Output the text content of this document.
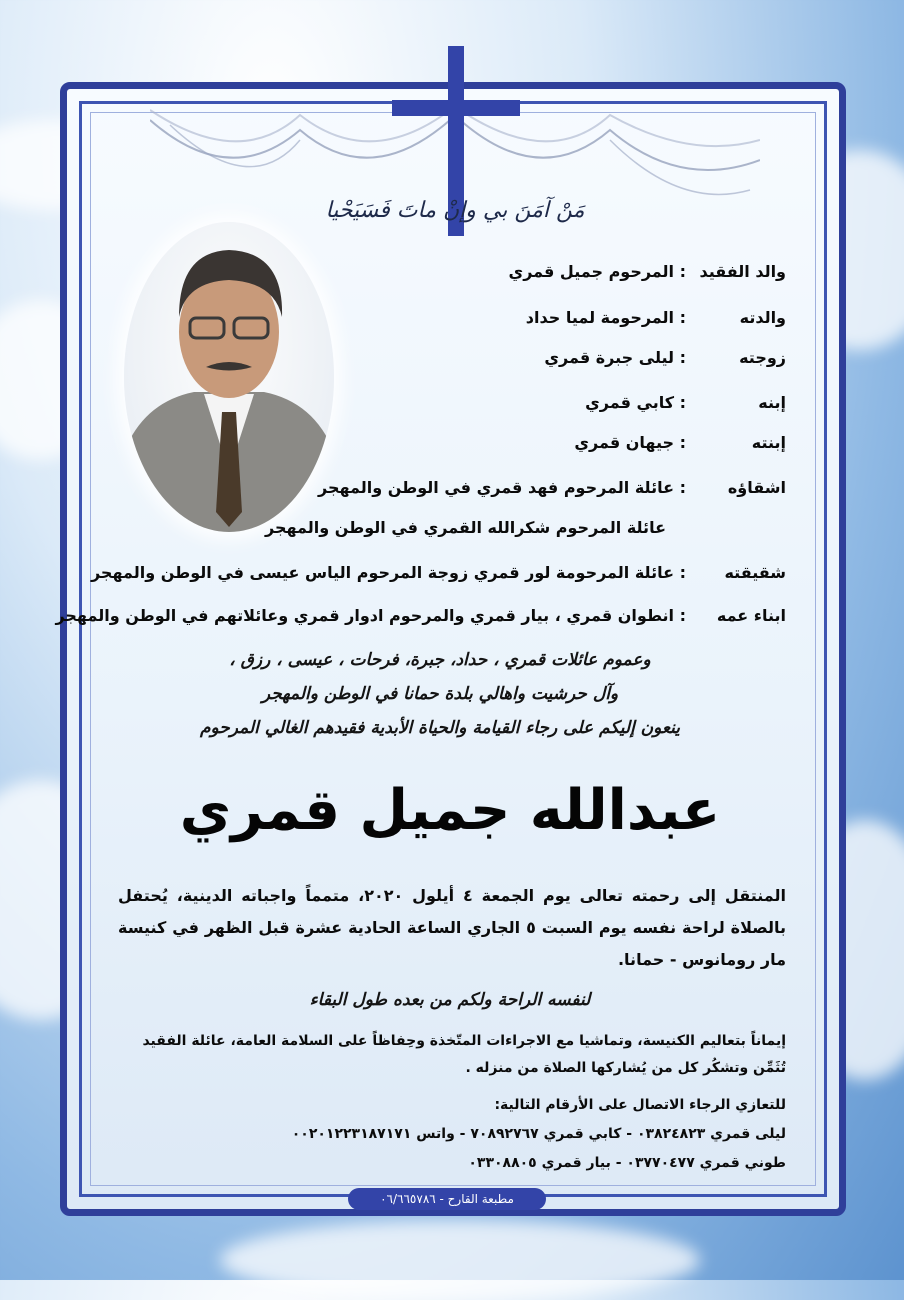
مَنْ آمَنَ بي وإنْ ماتَ فَسَيَحْيا
والد الفقيد
: المرحوم جميل قمري
والدته
: المرحومة لميا حداد
زوجته
: ليلى جبرة قمري
إبنه
: كابي قمري
إبنته
: جيهان قمري
اشقاؤه
: عائلة المرحوم فهد قمري في الوطن والمهجر
عائلة المرحوم شكرالله القمري في الوطن والمهجر
شقيقته
: عائلة المرحومة لور قمري زوجة المرحوم الياس عيسى في الوطن والمهجر
ابناء عمه
: انطوان قمري ، بيار قمري والمرحوم ادوار قمري وعائلاتهم في الوطن والمهجر
وعموم عائلات قمري ، حداد، جبرة، فرحات ، عيسى ، رزق ،
وآل حرشيت واهالي بلدة حمانا في الوطن والمهجر
ينعون إليكم على رجاء القيامة والحياة الأبدية فقيدهم الغالي المرحوم
عبدالله جميل قمري
المنتقل إلى رحمته تعالى يوم الجمعة ٤ أيلول ٢٠٢٠، متمماً واجباته الدينية، يُحتفل بالصلاة لراحة نفسه يوم السبت ٥ الجاري الساعة الحادية عشرة قبل الظهر في كنيسة مار رومانوس - حمانا.
لنفسه الراحة ولكم من بعده طول البقاء
إيماناً بتعاليم الكنيسة، وتماشيا مع الاجراءات المتّخذة وحِفاظاً على السلامة العامة، عائلة الفقيد تُثَمِّن وتشكُر كل من يُشاركها الصلاة من منزله .
للتعازي الرجاء الاتصال على الأرقام التالية:
ليلى قمري ٠٣٨٢٤٨٢٣ - كابي قمري ٧٠٨٩٢٧٦٧ - واتس ٠٠٢٠١٢٢٣١٨٧١٧١
طوني قمري ٠٣٧٧٠٤٧٧ - بيار قمري ٠٣٣٠٨٨٠٥
مطبعة القارح - ٠٦/٦٦٥٧٨٦
